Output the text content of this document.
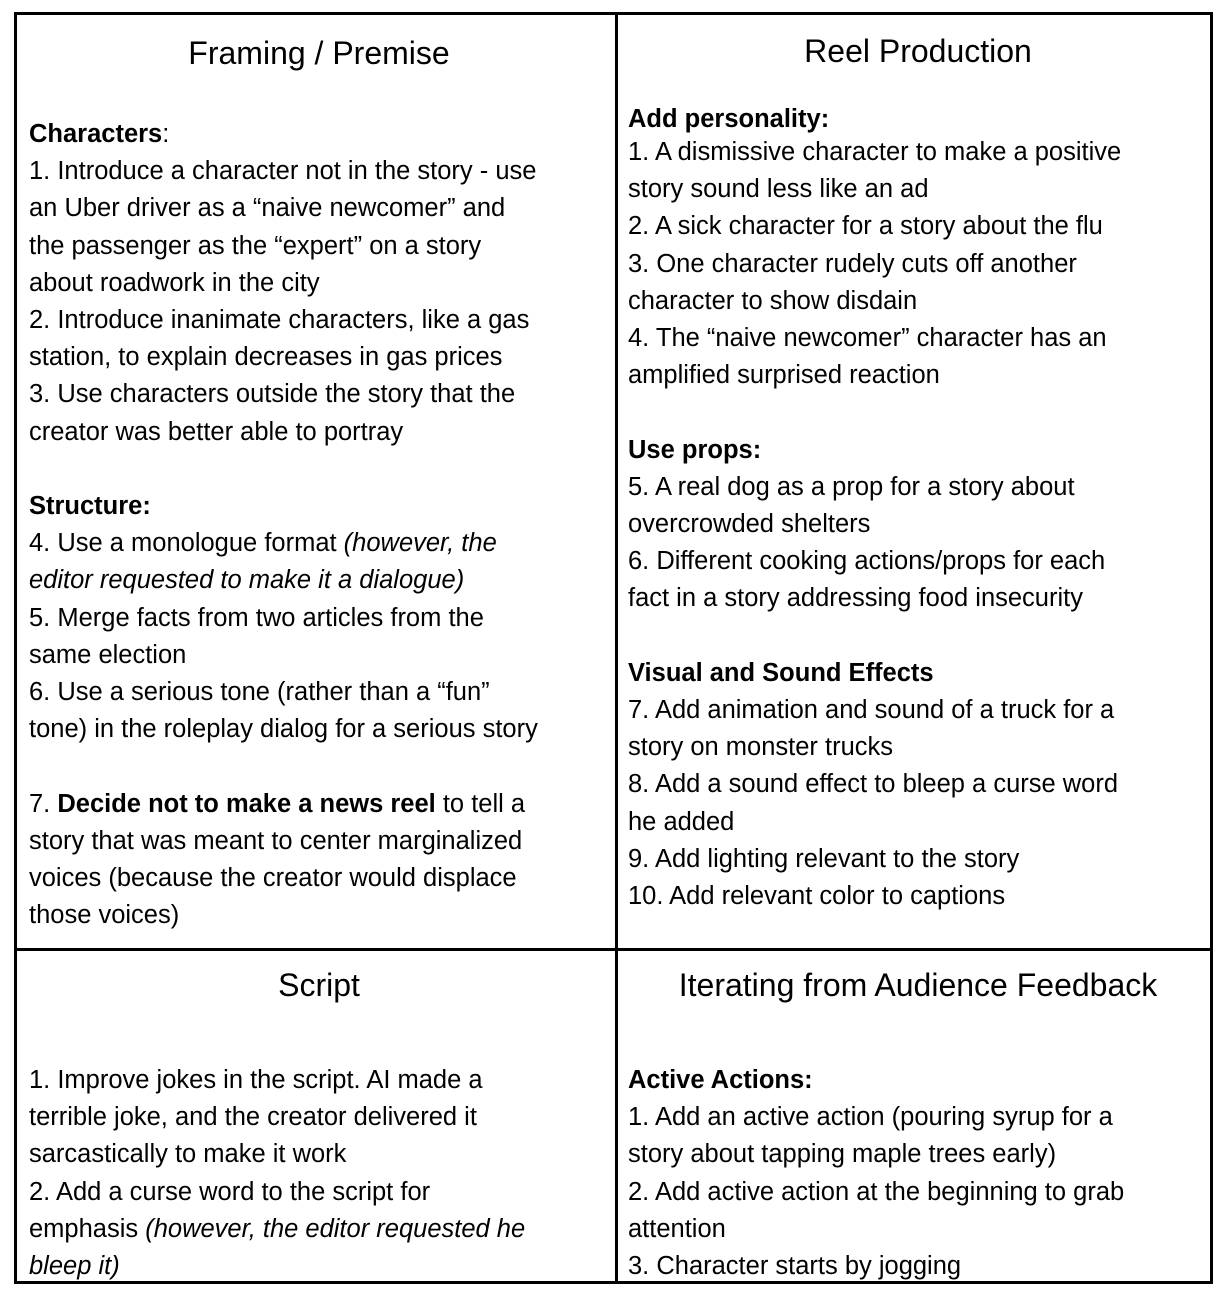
Framing / Premise

Characters:

1. Introduce a character not in the story - use

an Uber driver as a “naive newcomer” and

the passenger as the “expert” on a story

about roadwork in the city

2. Introduce inanimate characters, like a gas

station, to explain decreases in gas prices

3. Use characters outside the story that the

creator was better able to portray

Structure:

4. Use a monologue format (however, the

editor requested to make it a dialogue)

5. Merge facts from two articles from the

same election

6. Use a serious tone (rather than a “fun”

tone) in the roleplay dialog for a serious story

7. Decide not to make a news reel to tell a

story that was meant to center marginalized

voices (because the creator would displace

those voices)

Reel Production

Add personality:

1. A dismissive character to make a positive

story sound less like an ad

2. A sick character for a story about the flu

3. One character rudely cuts off another

character to show disdain

4. The “naive newcomer” character has an

amplified surprised reaction

Use props:

5. A real dog as a prop for a story about

overcrowded shelters

6. Different cooking actions/props for each

fact in a story addressing food insecurity

Visual and Sound Effects

7. Add animation and sound of a truck for a

story on monster trucks

8. Add a sound effect to bleep a curse word

he added

9. Add lighting relevant to the story

10. Add relevant color to captions

Script

1. Improve jokes in the script. AI made a

terrible joke, and the creator delivered it

sarcastically to make it work

2. Add a curse word to the script for

emphasis (however, the editor requested he

bleep it)

Iterating from Audience Feedback

Active Actions:

1. Add an active action (pouring syrup for a

story about tapping maple trees early)

2. Add active action at the beginning to grab

attention

3. Character starts by jogging
